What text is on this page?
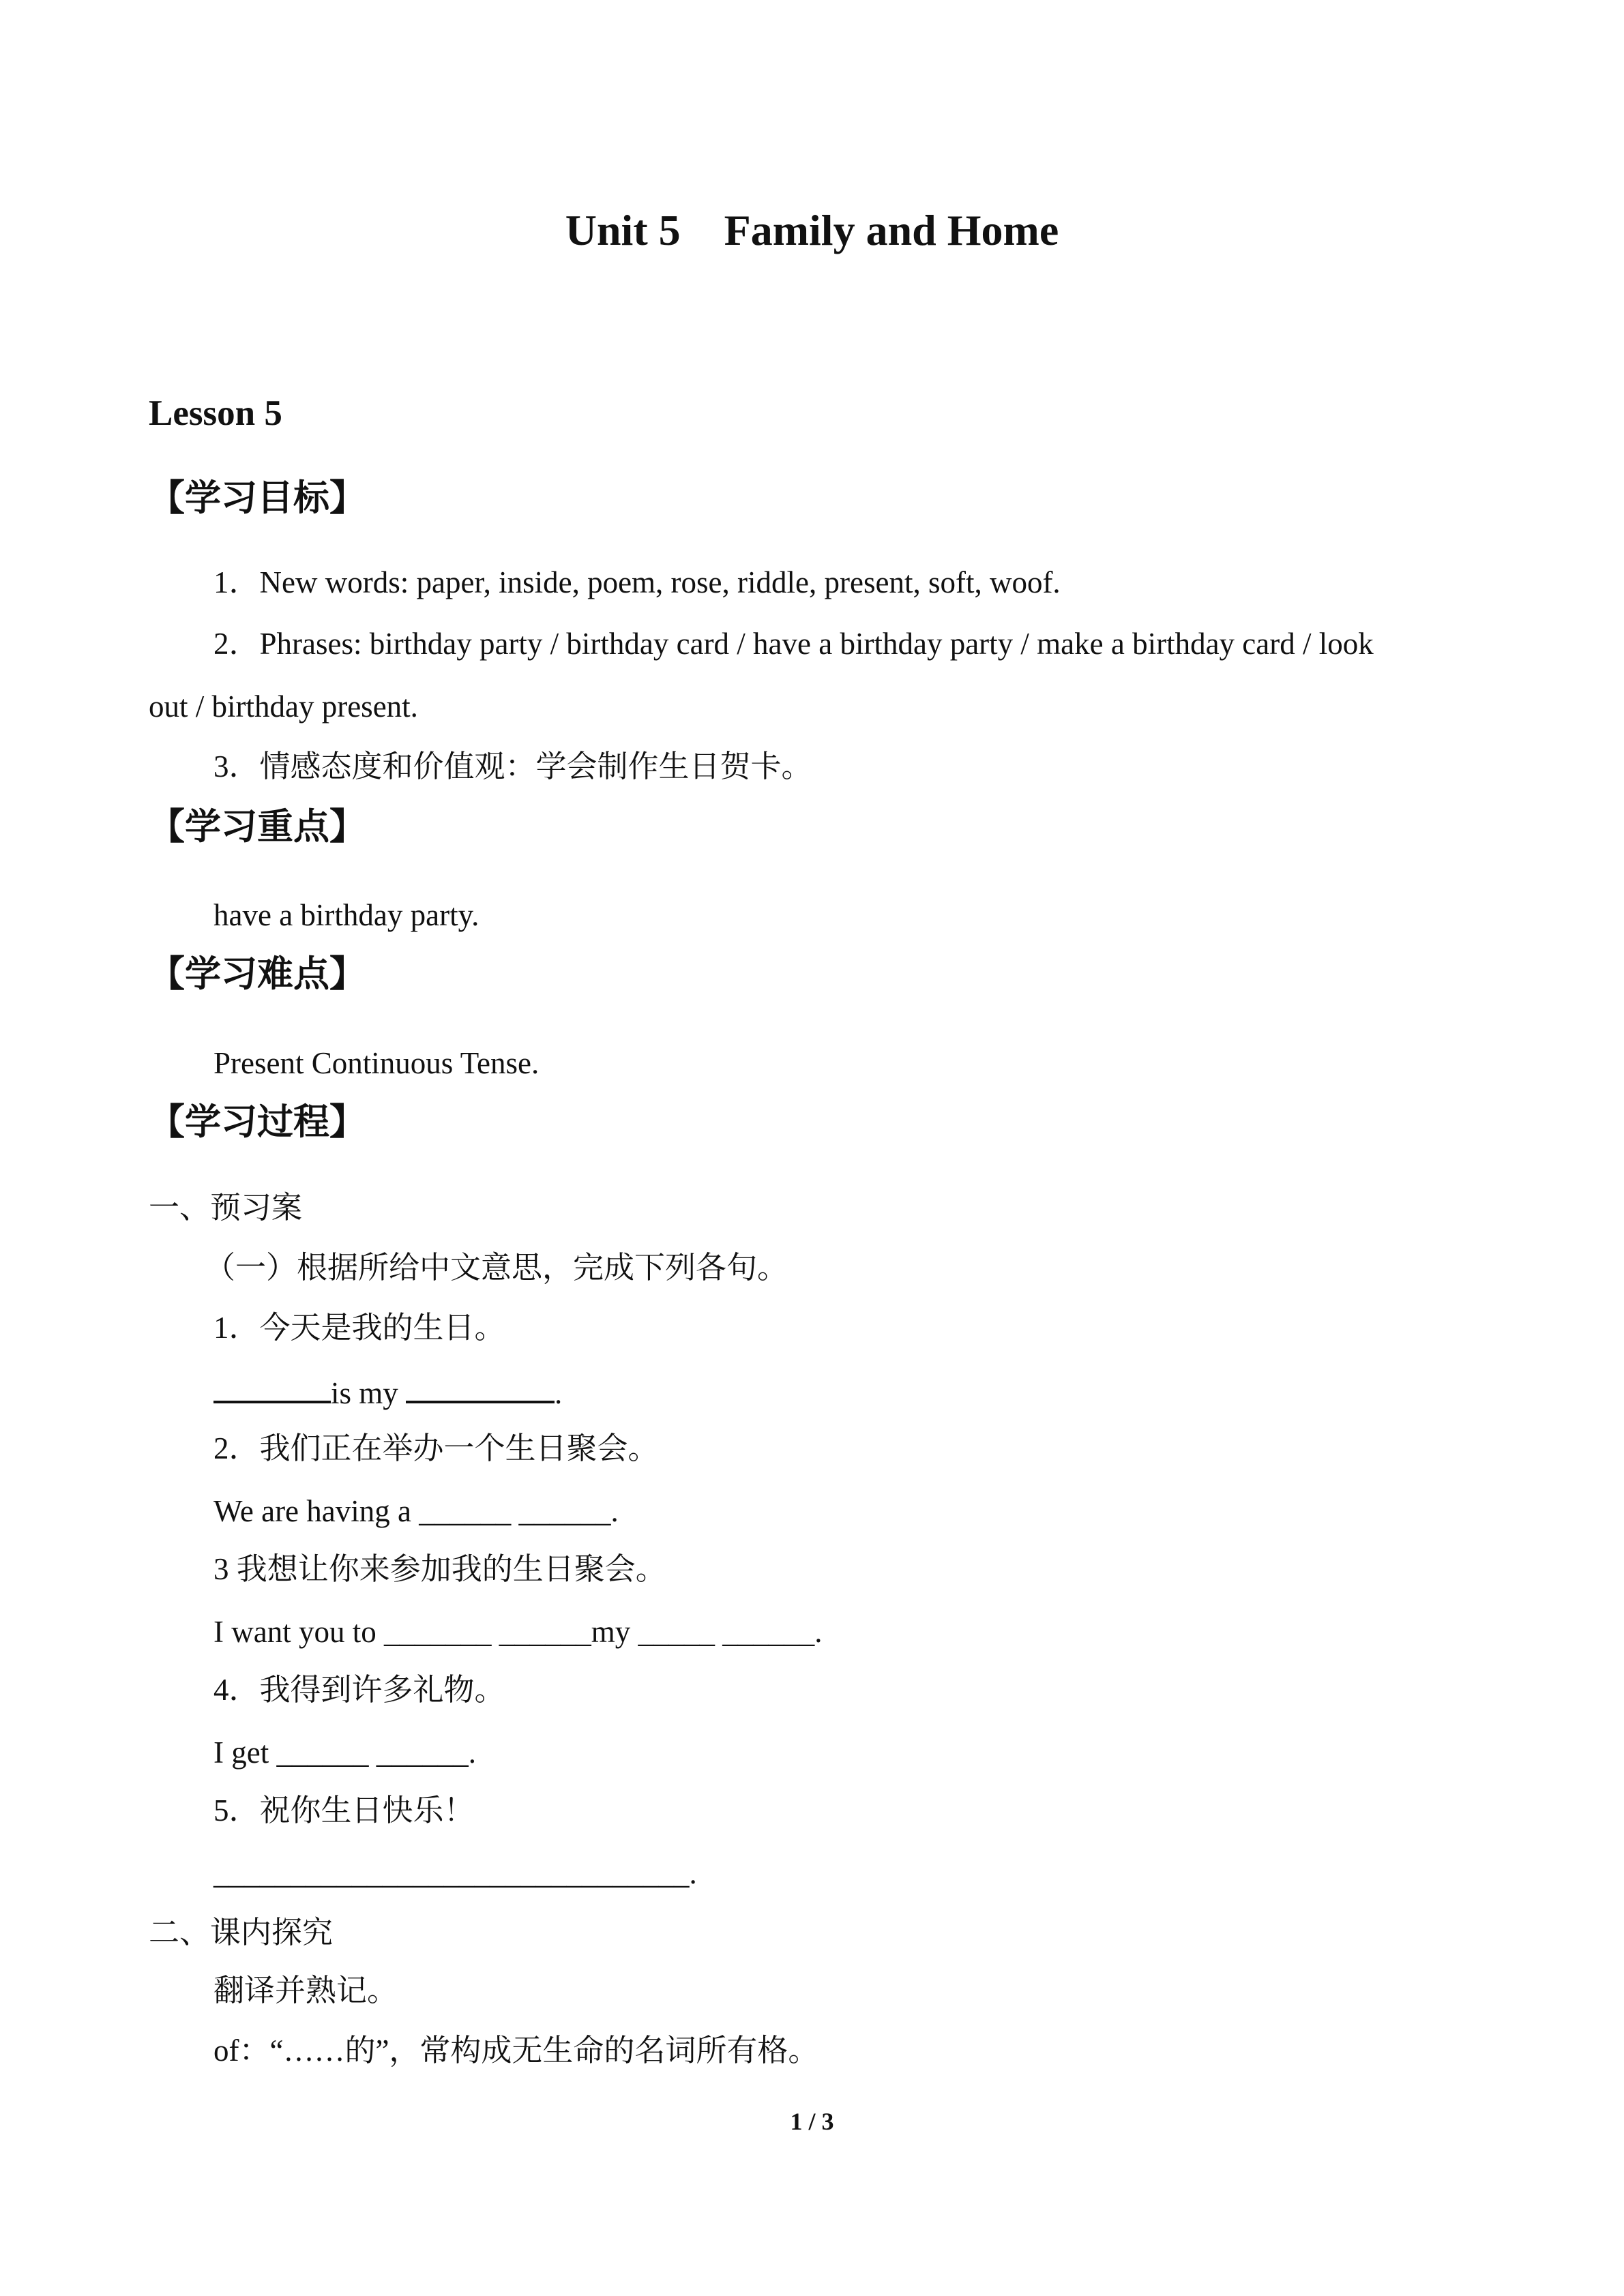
Unit 5　Family and Home
Lesson 5
【学习目标】
1．New words: paper, inside, poem, rose, riddle, present, soft, woof.
2．Phrases: birthday party / birthday card / have a birthday party / make a birthday card / look
out / birthday present.
3．情感态度和价值观：学会制作生日贺卡。
【学习重点】
have a birthday party.
【学习难点】
Present Continuous Tense.
【学习过程】
一、预习案
（一）根据所给中文意思，完成下列各句。
1．今天是我的生日。
is my	.
2．我们正在举办一个生日聚会。
We are having a ______ ______.
3 我想让你来参加我的生日聚会。
I want you to _______ ______my _____ ______.
4．我得到许多礼物。
I get ______ ______.
5．祝你生日快乐！
_______________________________.
二、课内探究
翻译并熟记。
of：“……的”，常构成无生命的名词所有格。
1 / 3
